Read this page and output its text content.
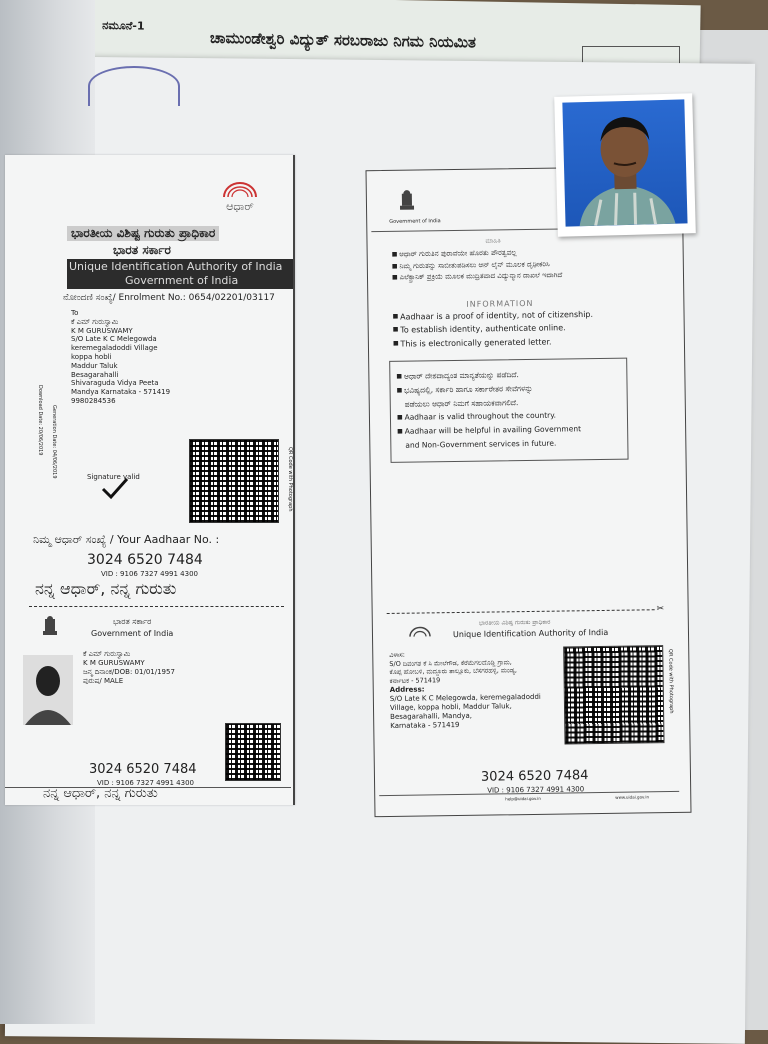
ನಮೂನೆ-1
ಚಾಮುಂಡೇಶ್ವರಿ ವಿದ್ಯುತ್ ಸರಬರಾಜು ನಿಗಮ ನಿಯಮಿತ
ಆಧಾರ್
ಭಾರತೀಯ ವಿಶಿಷ್ಟ ಗುರುತು ಪ್ರಾಧಿಕಾರ
ಭಾರತ ಸರ್ಕಾರ
Unique Identification Authority of India
Government of India
ನೋಂದಣಿ ಸಂಖ್ಯೆ/ Enrolment No.: 0654/02201/03117
To
ಕೆ ಎಮ್ ಗುರುಸ್ವಾಮಿ
K M GURUSWAMY
S/O Late K C Melegowda
keremegaladoddi Village
koppa hobli
Maddur Taluk
Besagarahalli
Shivaraguda Vidya Peeta
Mandya Karnataka - 571419
9980284536
Download Date: 20/06/2019 Generation Date: 04/06/2019	Signature valid	QR Code with Photograph
ನಿಮ್ಮ ಆಧಾರ್ ಸಂಖ್ಯೆ / Your Aadhaar No. :
3024 6520 7484
VID : 9106 7327 4991 4300
ನನ್ನ ಆಧಾರ್, ನನ್ನ ಗುರುತು
ಭಾರತ ಸರ್ಕಾರ
Government of India
ಕೆ ಎಮ್ ಗುರುಸ್ವಾಮಿ
K M GURUSWAMY
ಜನ್ಮ ದಿನಾಂಕ/DOB: 01/01/1957
ಪುರುಷ/ MALE
3024 6520 7484
VID : 9106 7327 4991 4300
ನನ್ನ ಆಧಾರ್, ನನ್ನ ಗುರುತು
Government of India
ಮಾಹಿತಿ
■ ಆಧಾರ್ ಗುರುತಿನ ಪುರಾವೆಯೇ ಹೊರತು ಪೌರತ್ವವಲ್ಲ
■ ನಿಮ್ಮ ಗುರುತನ್ನು ಸಾಬೀತುಪಡಿಸಲು ಆನ್ ಲೈನ್ ಮೂಲಕ ದೃಢೀಕರಿಸಿ
■ ಎಲೆಕ್ಟ್ರಾನಿಕ್ ಪ್ರಕ್ರಿಯೆ ಮೂಲಕ ಮುದ್ರಿತವಾದ ವಿದ್ಯುನ್ಮಾನ ದಾಖಲೆ ಇದಾಗಿದೆ
INFORMATION
■ Aadhaar is a proof of identity, not of citizenship.
■ To establish identity, authenticate online.
■ This is electronically generated letter.
■ ಆಧಾರ್ ದೇಶದಾದ್ಯಂತ ಮಾನ್ಯತೆಯನ್ನು ಪಡೆದಿದೆ.
■ ಭವಿಷ್ಯದಲ್ಲಿ, ಸರ್ಕಾರಿ ಹಾಗೂ ಸರ್ಕಾರೇತರ ಸೇವೆಗಳನ್ನು
ಪಡೆಯಲು ಆಧಾರ್ ನಿಮಗೆ ಸಹಾಯಕವಾಗಲಿದೆ.
■ Aadhaar is valid throughout the country.
■ Aadhaar will be helpful in availing Government
and Non-Government services in future.
✂
ಭಾರತೀಯ ವಿಶಿಷ್ಟ ಗುರುತು ಪ್ರಾಧಿಕಾರ
Unique Identification Authority of India
ವಿಳಾಸ:
S/O ದಿವಂಗತ ಕೆ ಸಿ ಮೇಲೆಗೌಡ, ಕೆರೆಮೆಗಲದೊಡ್ಡಿ ಗ್ರಾಮ,
ಕೊಪ್ಪ ಹೋಬಳಿ, ಮದ್ದೂರು ತಾಲ್ಲೂಕು, ಬೆಸಗರಹಳ್ಳಿ, ಮಂಡ್ಯ,
ಕರ್ನಾಟಕ - 571419
Address:
S/O Late K C Melegowda, keremegaladoddi
Village, koppa hobli, Maddur Taluk,
Besagarahalli, Mandya,
Karnataka - 571419
QR Code with Photograph
3024 6520 7484
VID : 9106 7327 4991 4300
www.uidai.gov.in
help@uidai.gov.in
